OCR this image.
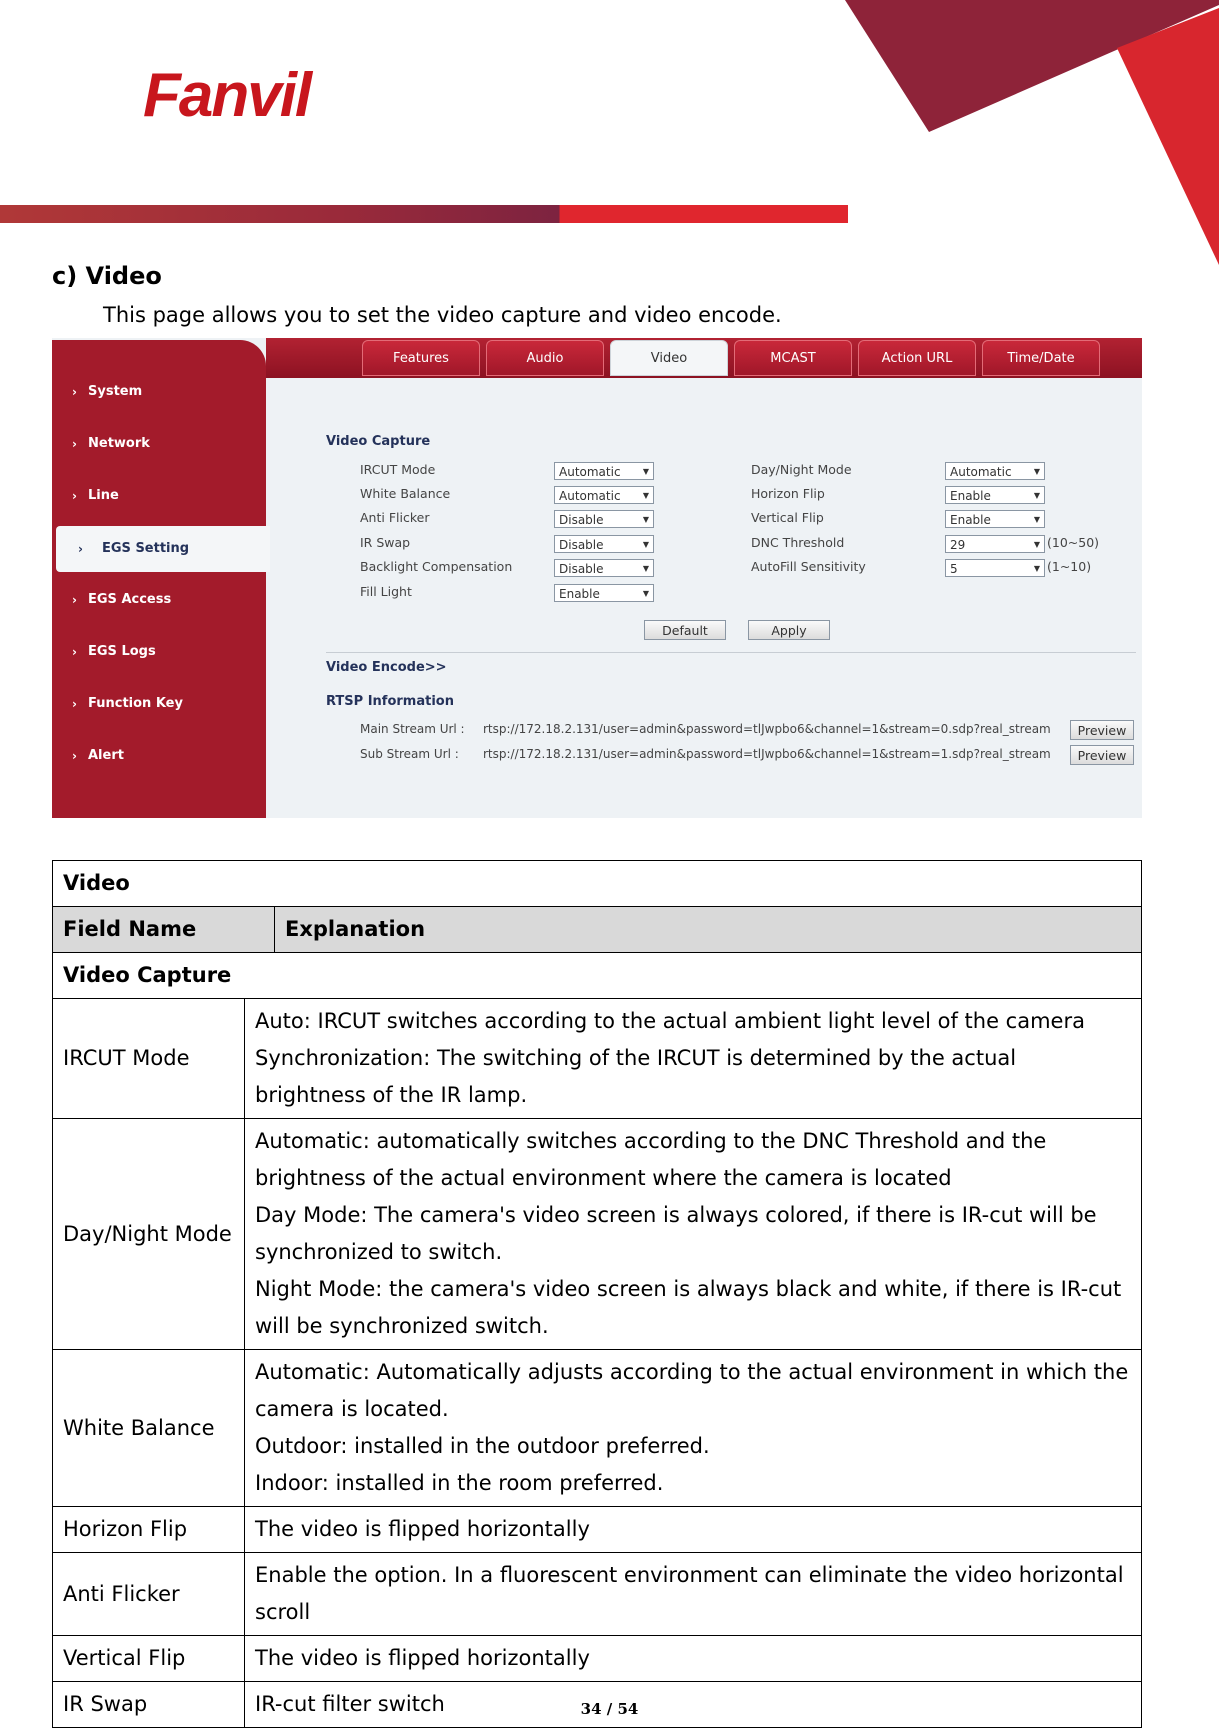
Fanvil
c) Video
This page allows you to set the video capture and video encode.
Features	Audio	Video	MCAST	Action URL	Time/Date
› System
› Network
› Line
› EGS Setting
› EGS Access
› EGS Logs
› Function Key
› Alert
Video Capture
IRCUT Mode	Automatic	▼
White Balance	Automatic	▼
Anti Flicker	Disable	▼
IR Swap	Disable	▼
Backlight Compensation	Disable	▼
Fill Light	Enable	▼
Day/Night Mode	Automatic	▼
Horizon Flip	Enable	▼
Vertical Flip	Enable	▼
DNC Threshold	29	▼ (10~50)
AutoFill Sensitivity	5	▼ (1~10)
Default	Apply
Video Encode>>
RTSP Information
Main Stream Url : rtsp://172.18.2.131/user=admin&password=tlJwpbo6&channel=1&stream=0.sdp?real_stream	Preview
Sub Stream Url : rtsp://172.18.2.131/user=admin&password=tlJwpbo6&channel=1&stream=1.sdp?real_stream	Preview
Video		
Field Name		Explanation
Video Capture		
IRCUT Mode	Auto: IRCUT switches according to the actual ambient light level of the camera
Synchronization: The switching of the IRCUT is determined by the actual brightness of the IR lamp.	

Day/Night Mode	Automatic: automatically switches according to the DNC Threshold and the brightness of the actual environment where the camera is located
Day Mode: The camera's video screen is always colored, if there is IR-cut will be synchronized to switch.
Night Mode: the camera's video screen is always black and white, if there is IR-cut will be synchronized switch.	

White Balance	Automatic: Automatically adjusts according to the actual environment in which the camera is located.
Outdoor: installed in the outdoor preferred.
Indoor: installed in the room preferred.	

Horizon Flip	The video is flipped horizontally	
Anti Flicker	Enable the option. In a fluorescent environment can eliminate the video horizontal scroll	
Vertical Flip	The video is flipped horizontally	
IR Swap	IR-cut filter switch		34 / 54
